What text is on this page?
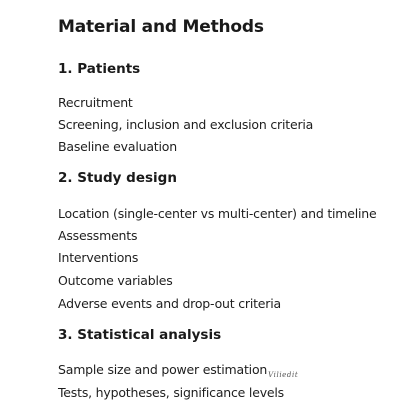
Material and Methods
1. Patients
Recruitment
Screening, inclusion and exclusion criteria
Baseline evaluation
2. Study design
Location (single-center vs multi-center) and timeline
Assessments
Interventions
Outcome variables
Adverse events and drop-out criteria
3. Statistical analysis
Sample size and power estimation$_{Viliedit}$
Tests, hypotheses, significance levels
